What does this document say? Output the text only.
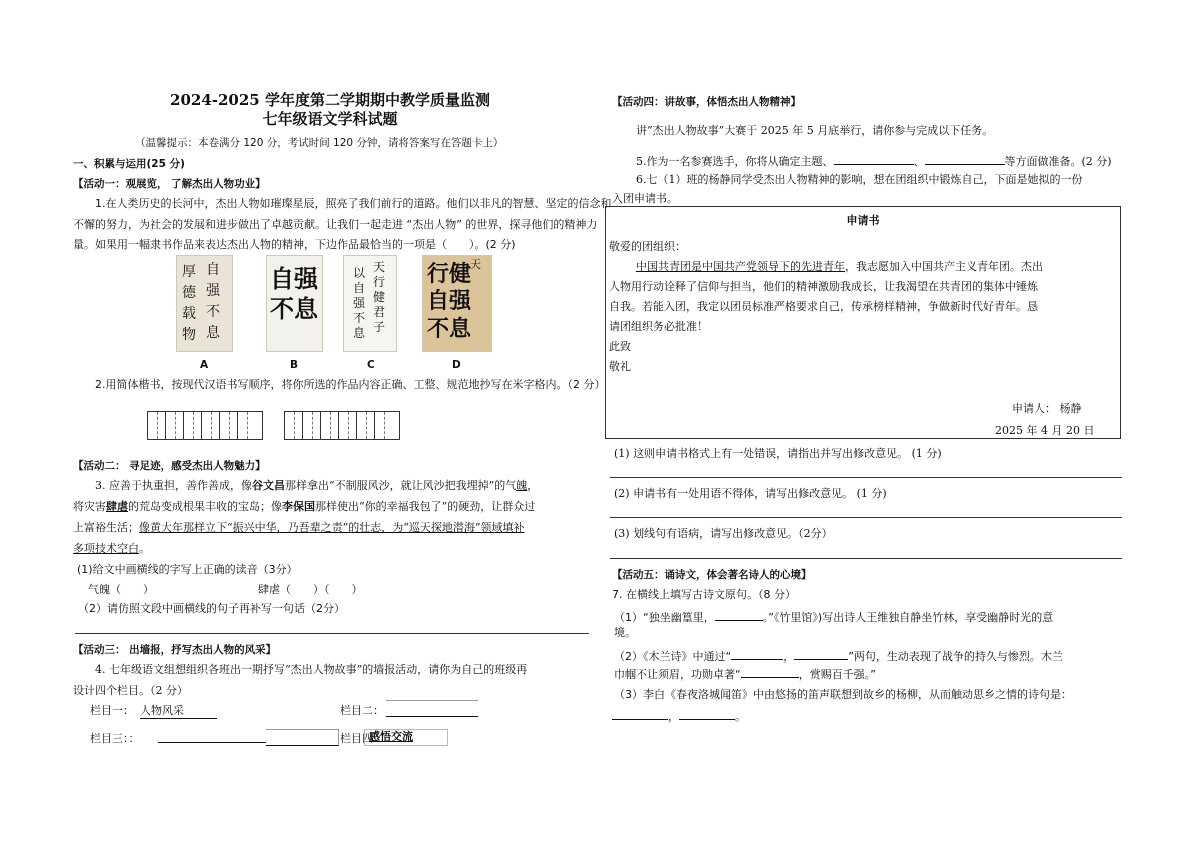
2024-2025 学年度第二学期期中教学质量监测
七年级语文学科试题
（温馨提示：本卷满分 120 分，考试时间 120 分钟，请将答案写在答题卡上）
一、积累与运用(25 分)
【活动一：观展览， 了解杰出人物功业】
1.在人类历史的长河中，杰出人物如璀璨星辰，照亮了我们前行的道路。他们以非凡的智慧、坚定的信念和
不懈的努力，为社会的发展和进步做出了卓越贡献。让我们一起走进 “杰出人物” 的世界，探寻他们的精神力
量。如果用一幅隶书作品来表达杰出人物的精神，下边作品最恰当的一项是（　　）。(2 分)
自
强
不
息
厚
德
载
物
自强
不息
天
行
健
君
子
以
自
强
不
息
行健
自强
不息
天
A	B	C	D
2.用简体楷书，按现代汉语书写顺序，将你所选的作品内容正确、工整、规范地抄写在米字格内。（2 分）
【活动二： 寻足迹，感受杰出人物魅力】
3. 应善于执重担，善作善成，像谷文昌那样拿出“不制服风沙，就让风沙把我埋掉”的气魄，
将灾害肆虐的荒岛变成根果丰收的宝岛；像李保国那样使出“你的幸福我包了”的硬劲，让群众过
上富裕生活；像黄大年那样立下“振兴中华，乃吾辈之责”的壮志，为“巡天探地潜海”领域填补
多项技术空白。
(1)给文中画横线的字写上正确的读音（3分）
气魄（　　）	肆虐（　　）（　　）
（2）请仿照文段中画横线的句子再补写一句话（2分）
【活动三： 出墙报，抒写杰出人物的风采】
4. 七年级语文组想组织各班出一期抒写“杰出人物故事”的墙报活动，请你为自己的班级再
设计四个栏目。（2 分）
栏目一： 人物风采	栏目二：
栏目三：：	栏目四
感悟交流
【活动四：讲故事，体悟杰出人物精神】
讲“杰出人物故事”大赛于 2025 年 5 月底举行，请你参与完成以下任务。
5.作为一名参赛选手，你将从确定主题、	、	等方面做准备。(2 分)
6.七（1）班的杨静同学受杰出人物精神的影响，想在团组织中锻炼自己，下面是她拟的一份
入团申请书。
申请书
敬爱的团组织：
中国共青团是中国共产党领导下的先进青年，我志愿加入中国共产主义青年团。杰出
人物用行动诠释了信仰与担当，他们的精神激励我成长，让我渴望在共青团的集体中锤炼
自我。若能入团，我定以团员标准严格要求自己，传承榜样精神，争做新时代好青年。恳
请团组织务必批准！
此致
敬礼
申请人： 杨静
2025 年 4 月 20 日
(1) 这则申请书格式上有一处错误，请指出并写出修改意见。 (1 分)
(2) 申请书有一处用语不得体，请写出修改意见。 (1 分)
(3) 划线句有语病，请写出修改意见。（2分）
【活动五：诵诗文，体会著名诗人的心境】
7. 在横线上填写古诗文原句。（8 分）
（1）“独坐幽篁里，	。”《竹里馆》)写出诗人王维独自静坐竹林，享受幽静时光的意
境。
（2）《木兰诗》中通过“	，	”两句，生动表现了战争的持久与惨烈。木兰
巾帼不让须眉，功勋卓著“	，赏赐百千强。”
（3）李白《春夜洛城闻笛》中由悠扬的笛声联想到故乡的杨柳，从而触动思乡之情的诗句是：
，	。
